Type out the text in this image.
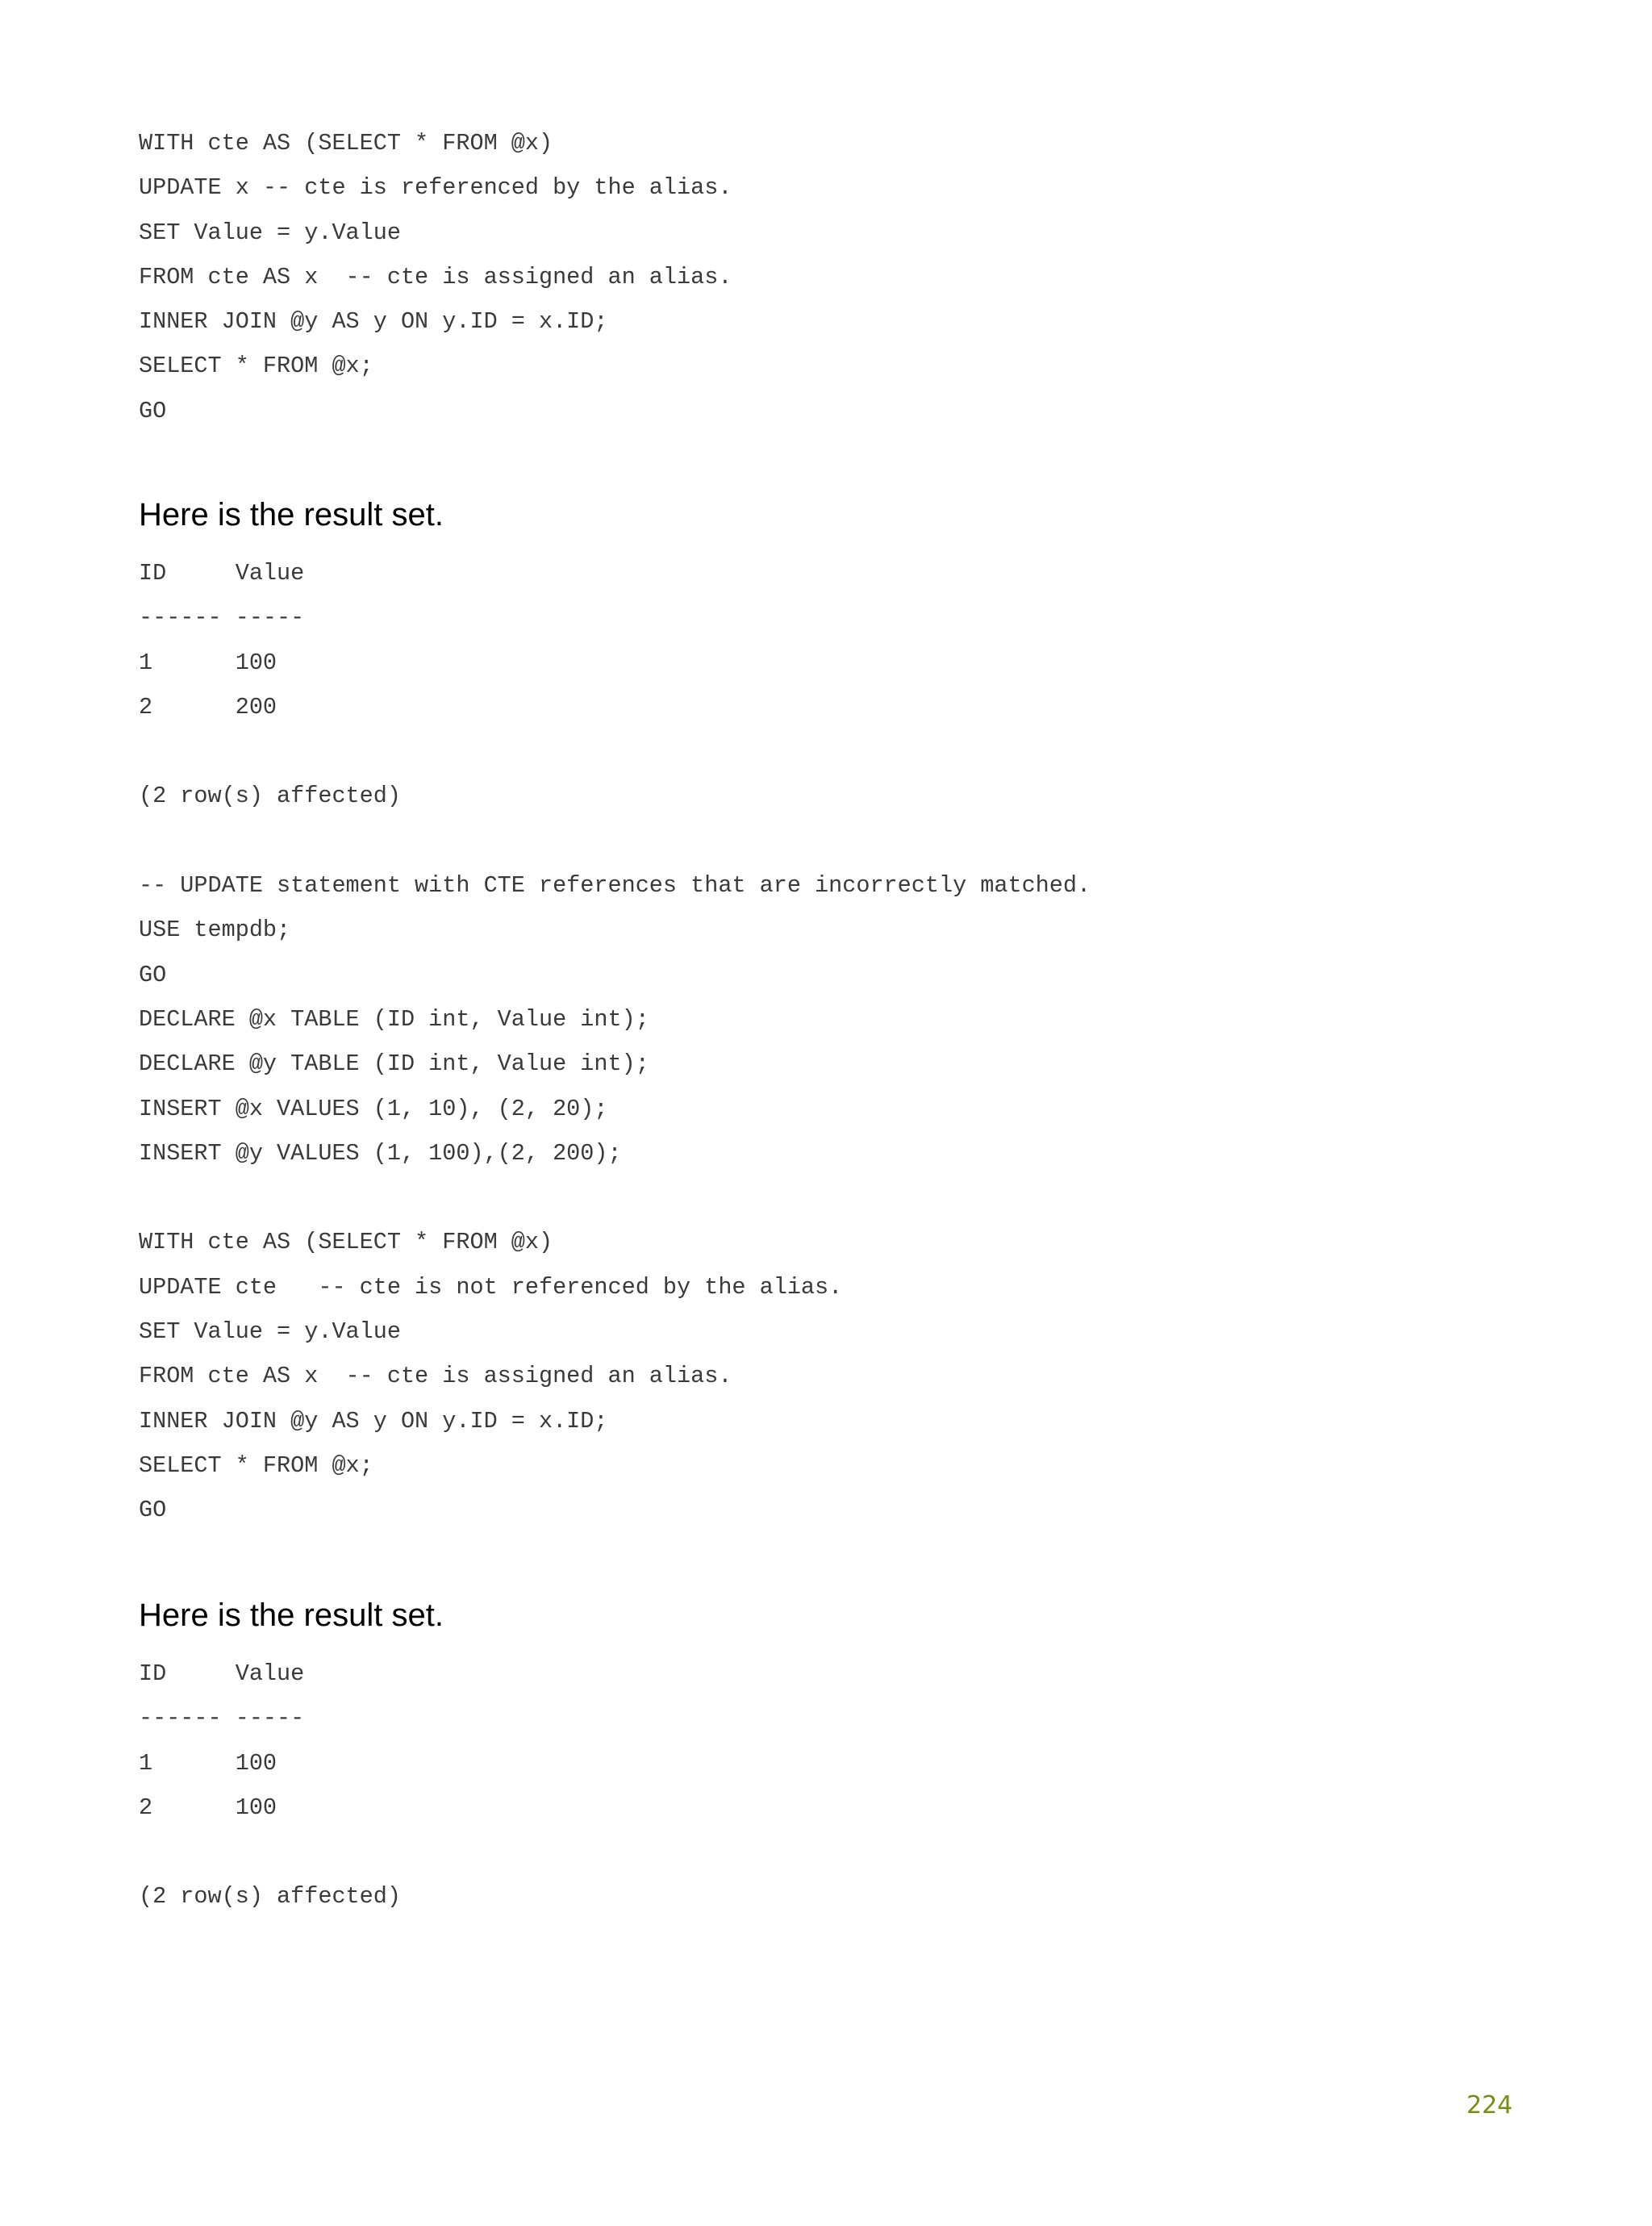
WITH cte AS (SELECT * FROM @x)
UPDATE x -- cte is referenced by the alias.
SET Value = y.Value
FROM cte AS x  -- cte is assigned an alias.
INNER JOIN @y AS y ON y.ID = x.ID;
SELECT * FROM @x;
GO
Here is the result set.
ID     Value
------ -----
1      100
2      200
(2 row(s) affected)
-- UPDATE statement with CTE references that are incorrectly matched.
USE tempdb;
GO
DECLARE @x TABLE (ID int, Value int);
DECLARE @y TABLE (ID int, Value int);
INSERT @x VALUES (1, 10), (2, 20);
INSERT @y VALUES (1, 100),(2, 200);
WITH cte AS (SELECT * FROM @x)
UPDATE cte   -- cte is not referenced by the alias.
SET Value = y.Value
FROM cte AS x  -- cte is assigned an alias.
INNER JOIN @y AS y ON y.ID = x.ID;
SELECT * FROM @x;
GO
Here is the result set.
ID     Value
------ -----
1      100
2      100
(2 row(s) affected)
224
